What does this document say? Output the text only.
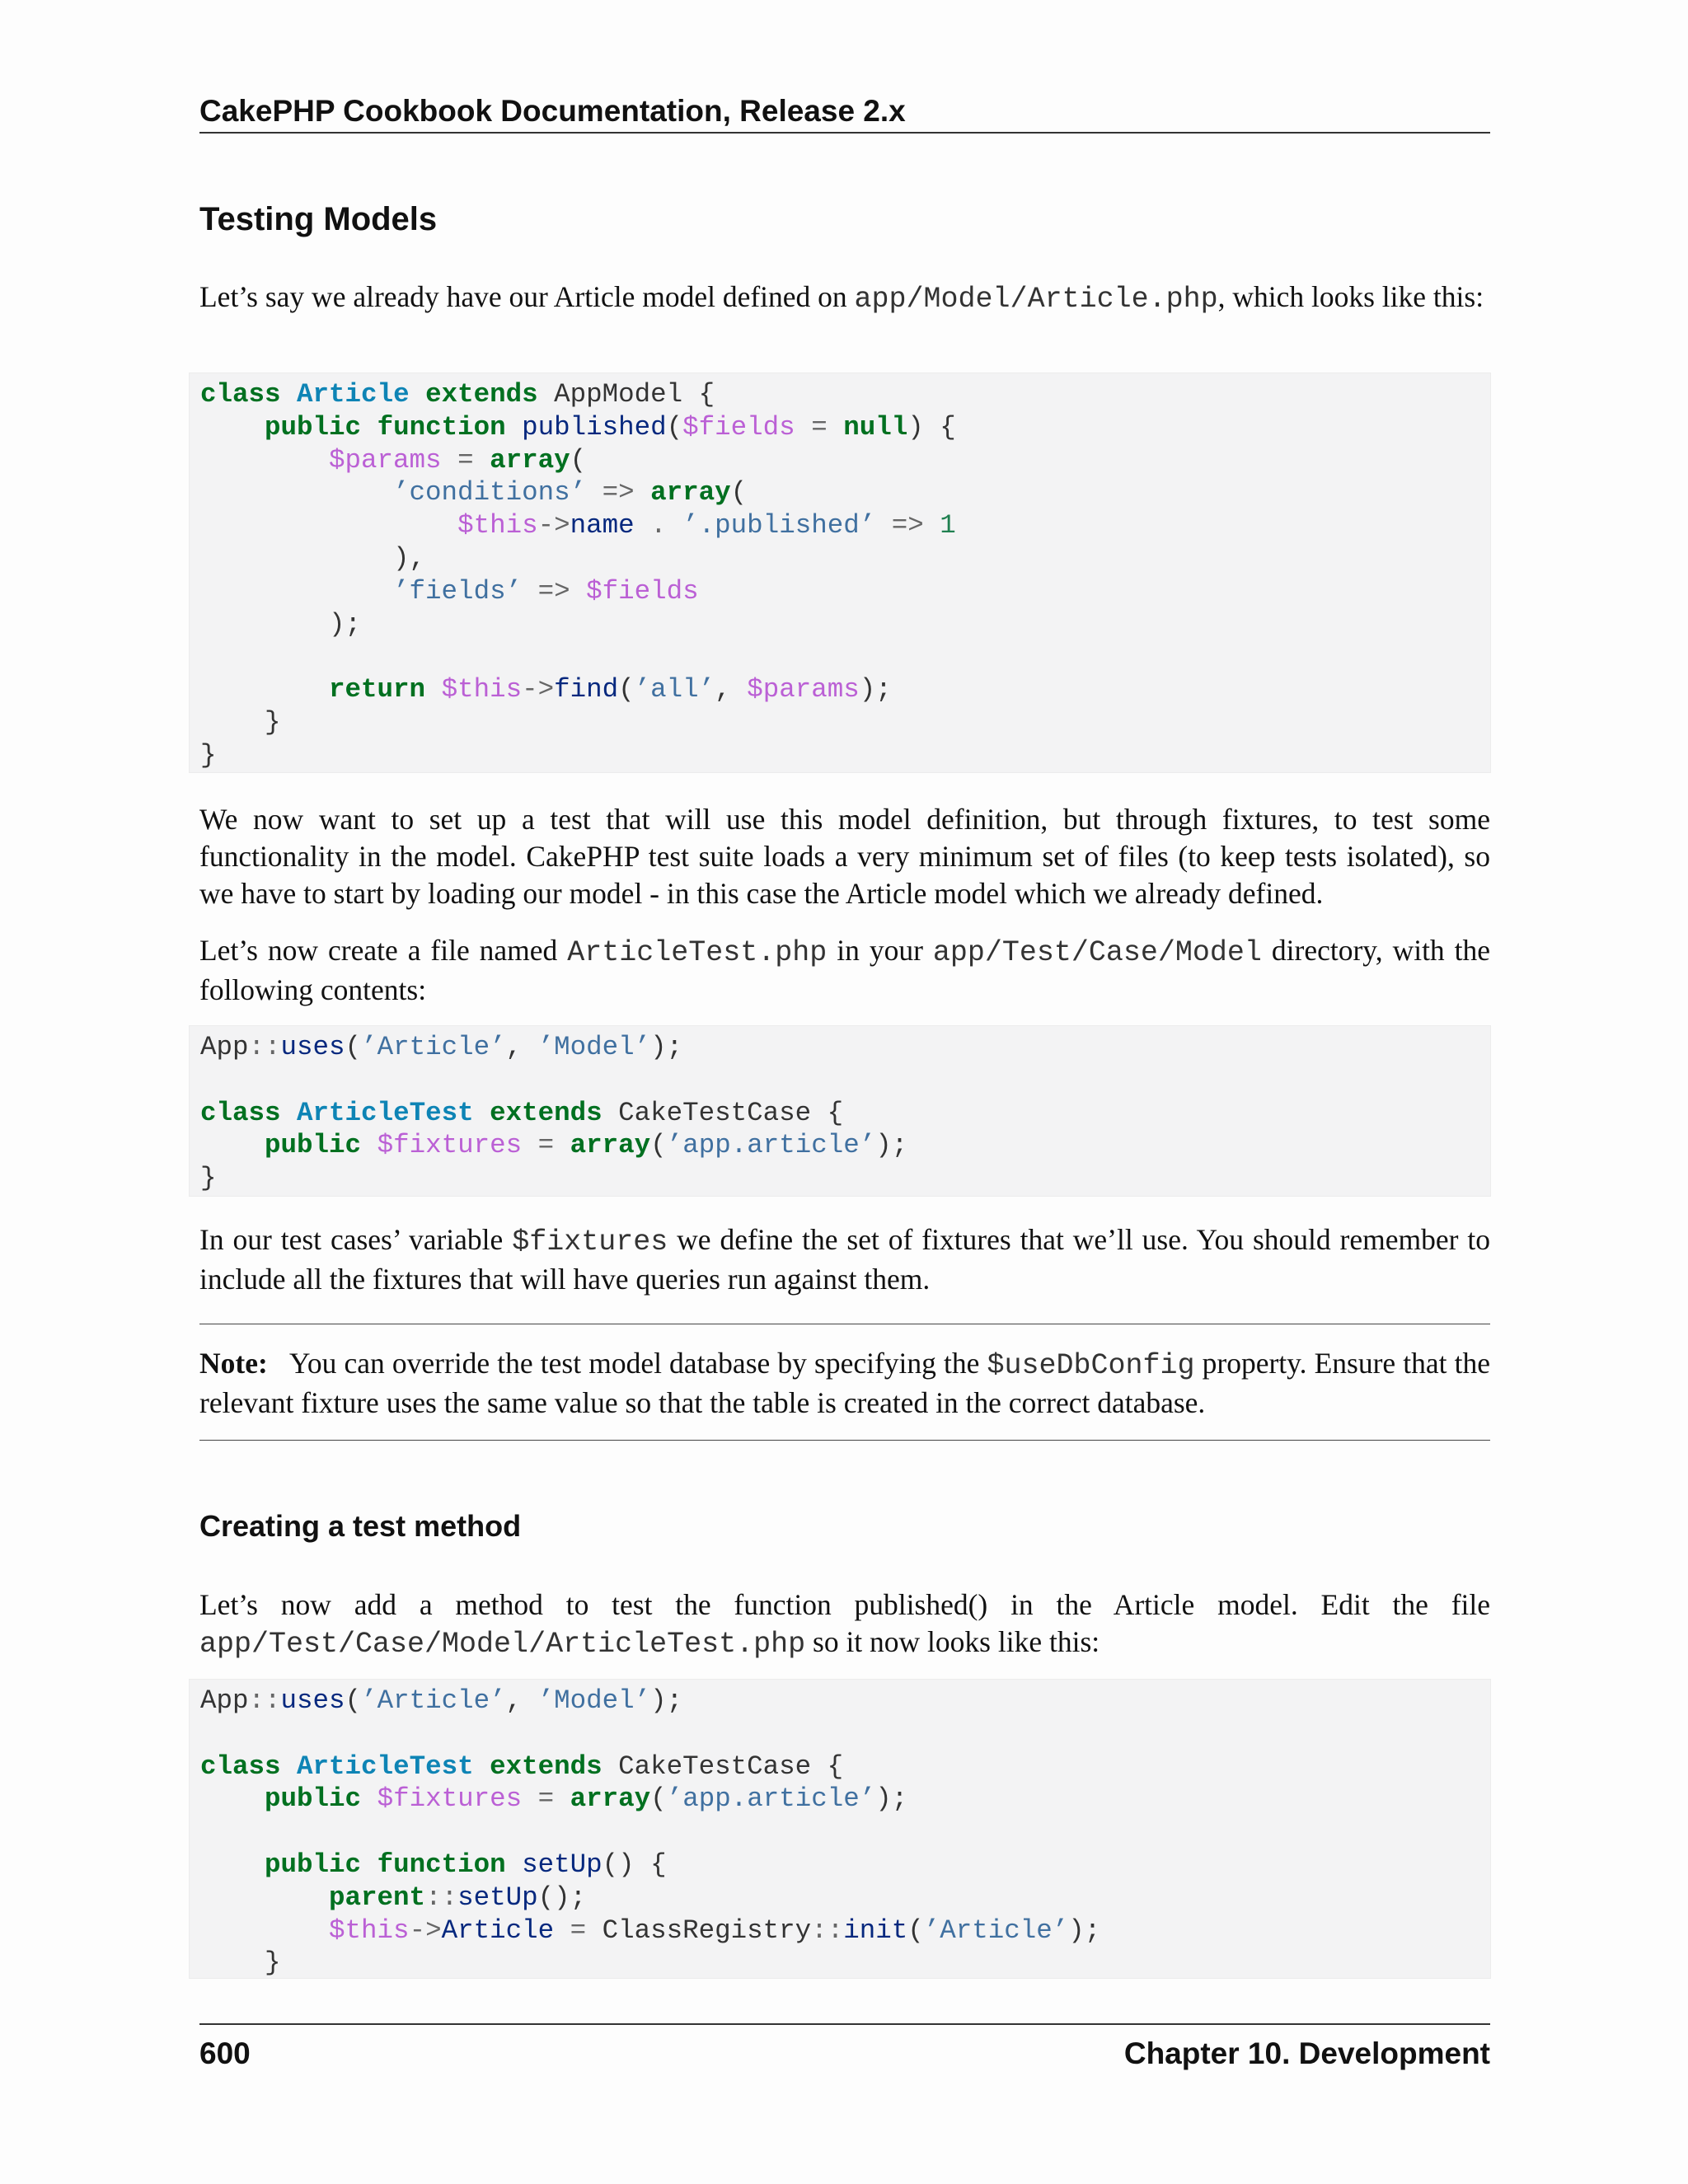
CakePHP Cookbook Documentation, Release 2.x
Testing Models

Let’s say we already have our Article model defined on app/Model/Article.php, which looks like this:

class Article extends AppModel {
public function published($fields = null) {
$params = array(
’conditions’ => array(
$this->name . ’.published’ => 1
),
’fields’ => $fields
);

return $this->find(’all’, $params);
}
}

We now want to set up a test that will use this model definition, but through fixtures, to test some functionality in the model. CakePHP test suite loads a very minimum set of files (to keep tests isolated), so we have to start by loading our model - in this case the Article model which we already defined.

Let’s now create a file named ArticleTest.php in your app/Test/Case/Model directory, with the following contents:

App::uses(’Article’, ’Model’);

class ArticleTest extends CakeTestCase {
public $fixtures = array(’app.article’);
}

In our test cases’ variable $fixtures we define the set of fixtures that we’ll use. You should remember to include all the fixtures that will have queries run against them.

Note: You can override the test model database by specifying the $useDbConfig property. Ensure that the relevant fixture uses the same value so that the table is created in the correct database.

Creating a test method

Let’s now add a method to test the function published() in the Article model. Edit the file app/Test/Case/Model/ArticleTest.php so it now looks like this:

App::uses(’Article’, ’Model’);

class ArticleTest extends CakeTestCase {
public $fixtures = array(’app.article’);

public function setUp() {
parent::setUp();
$this->Article = ClassRegistry::init(’Article’);
}
600	Chapter 10. Development
